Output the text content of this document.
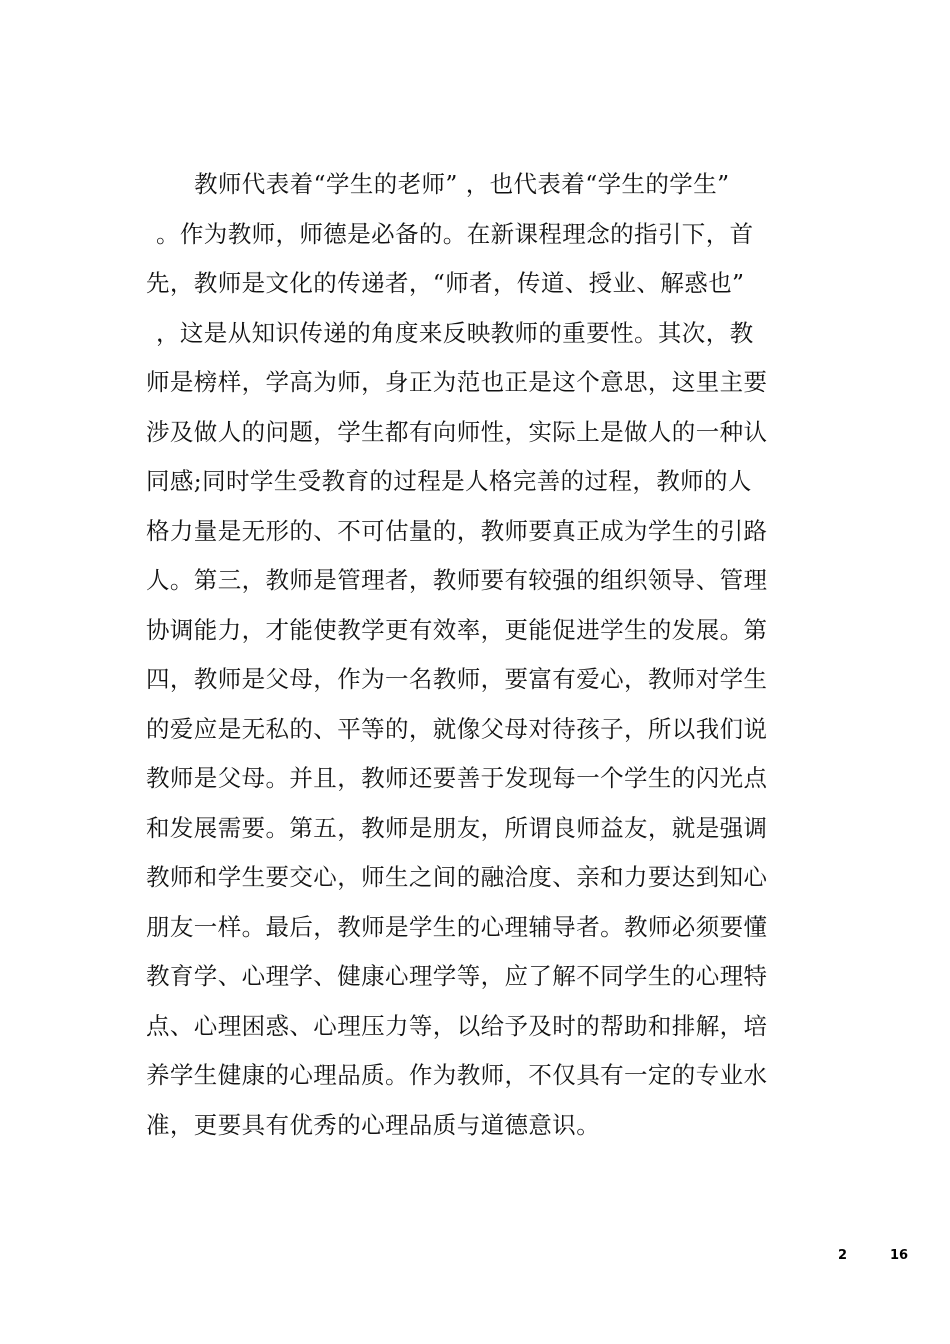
教师代表着“学生的老师” ，也代表着“学生的学生”
。作为教师，师德是必备的。在新课程理念的指引下，首
先，教师是文化的传递者，“师者，传道、授业、解惑也”
，这是从知识传递的角度来反映教师的重要性。其次，教
师是榜样，学高为师，身正为范也正是这个意思，这里主要
涉及做人的问题，学生都有向师性，实际上是做人的一种认
同感;同时学生受教育的过程是人格完善的过程，教师的人
格力量是无形的、不可估量的，教师要真正成为学生的引路
人。第三，教师是管理者，教师要有较强的组织领导、管理
协调能力，才能使教学更有效率，更能促进学生的发展。第
四，教师是父母，作为一名教师，要富有爱心，教师对学生
的爱应是无私的、平等的，就像父母对待孩子，所以我们说
教师是父母。并且，教师还要善于发现每一个学生的闪光点
和发展需要。第五，教师是朋友，所谓良师益友，就是强调
教师和学生要交心，师生之间的融洽度、亲和力要达到知心
朋友一样。最后，教师是学生的心理辅导者。教师必须要懂
教育学、心理学、健康心理学等，应了解不同学生的心理特
点、心理困惑、心理压力等，以给予及时的帮助和排解，培
养学生健康的心理品质。作为教师，不仅具有一定的专业水
准，更要具有优秀的心理品质与道德意识。
2	16
